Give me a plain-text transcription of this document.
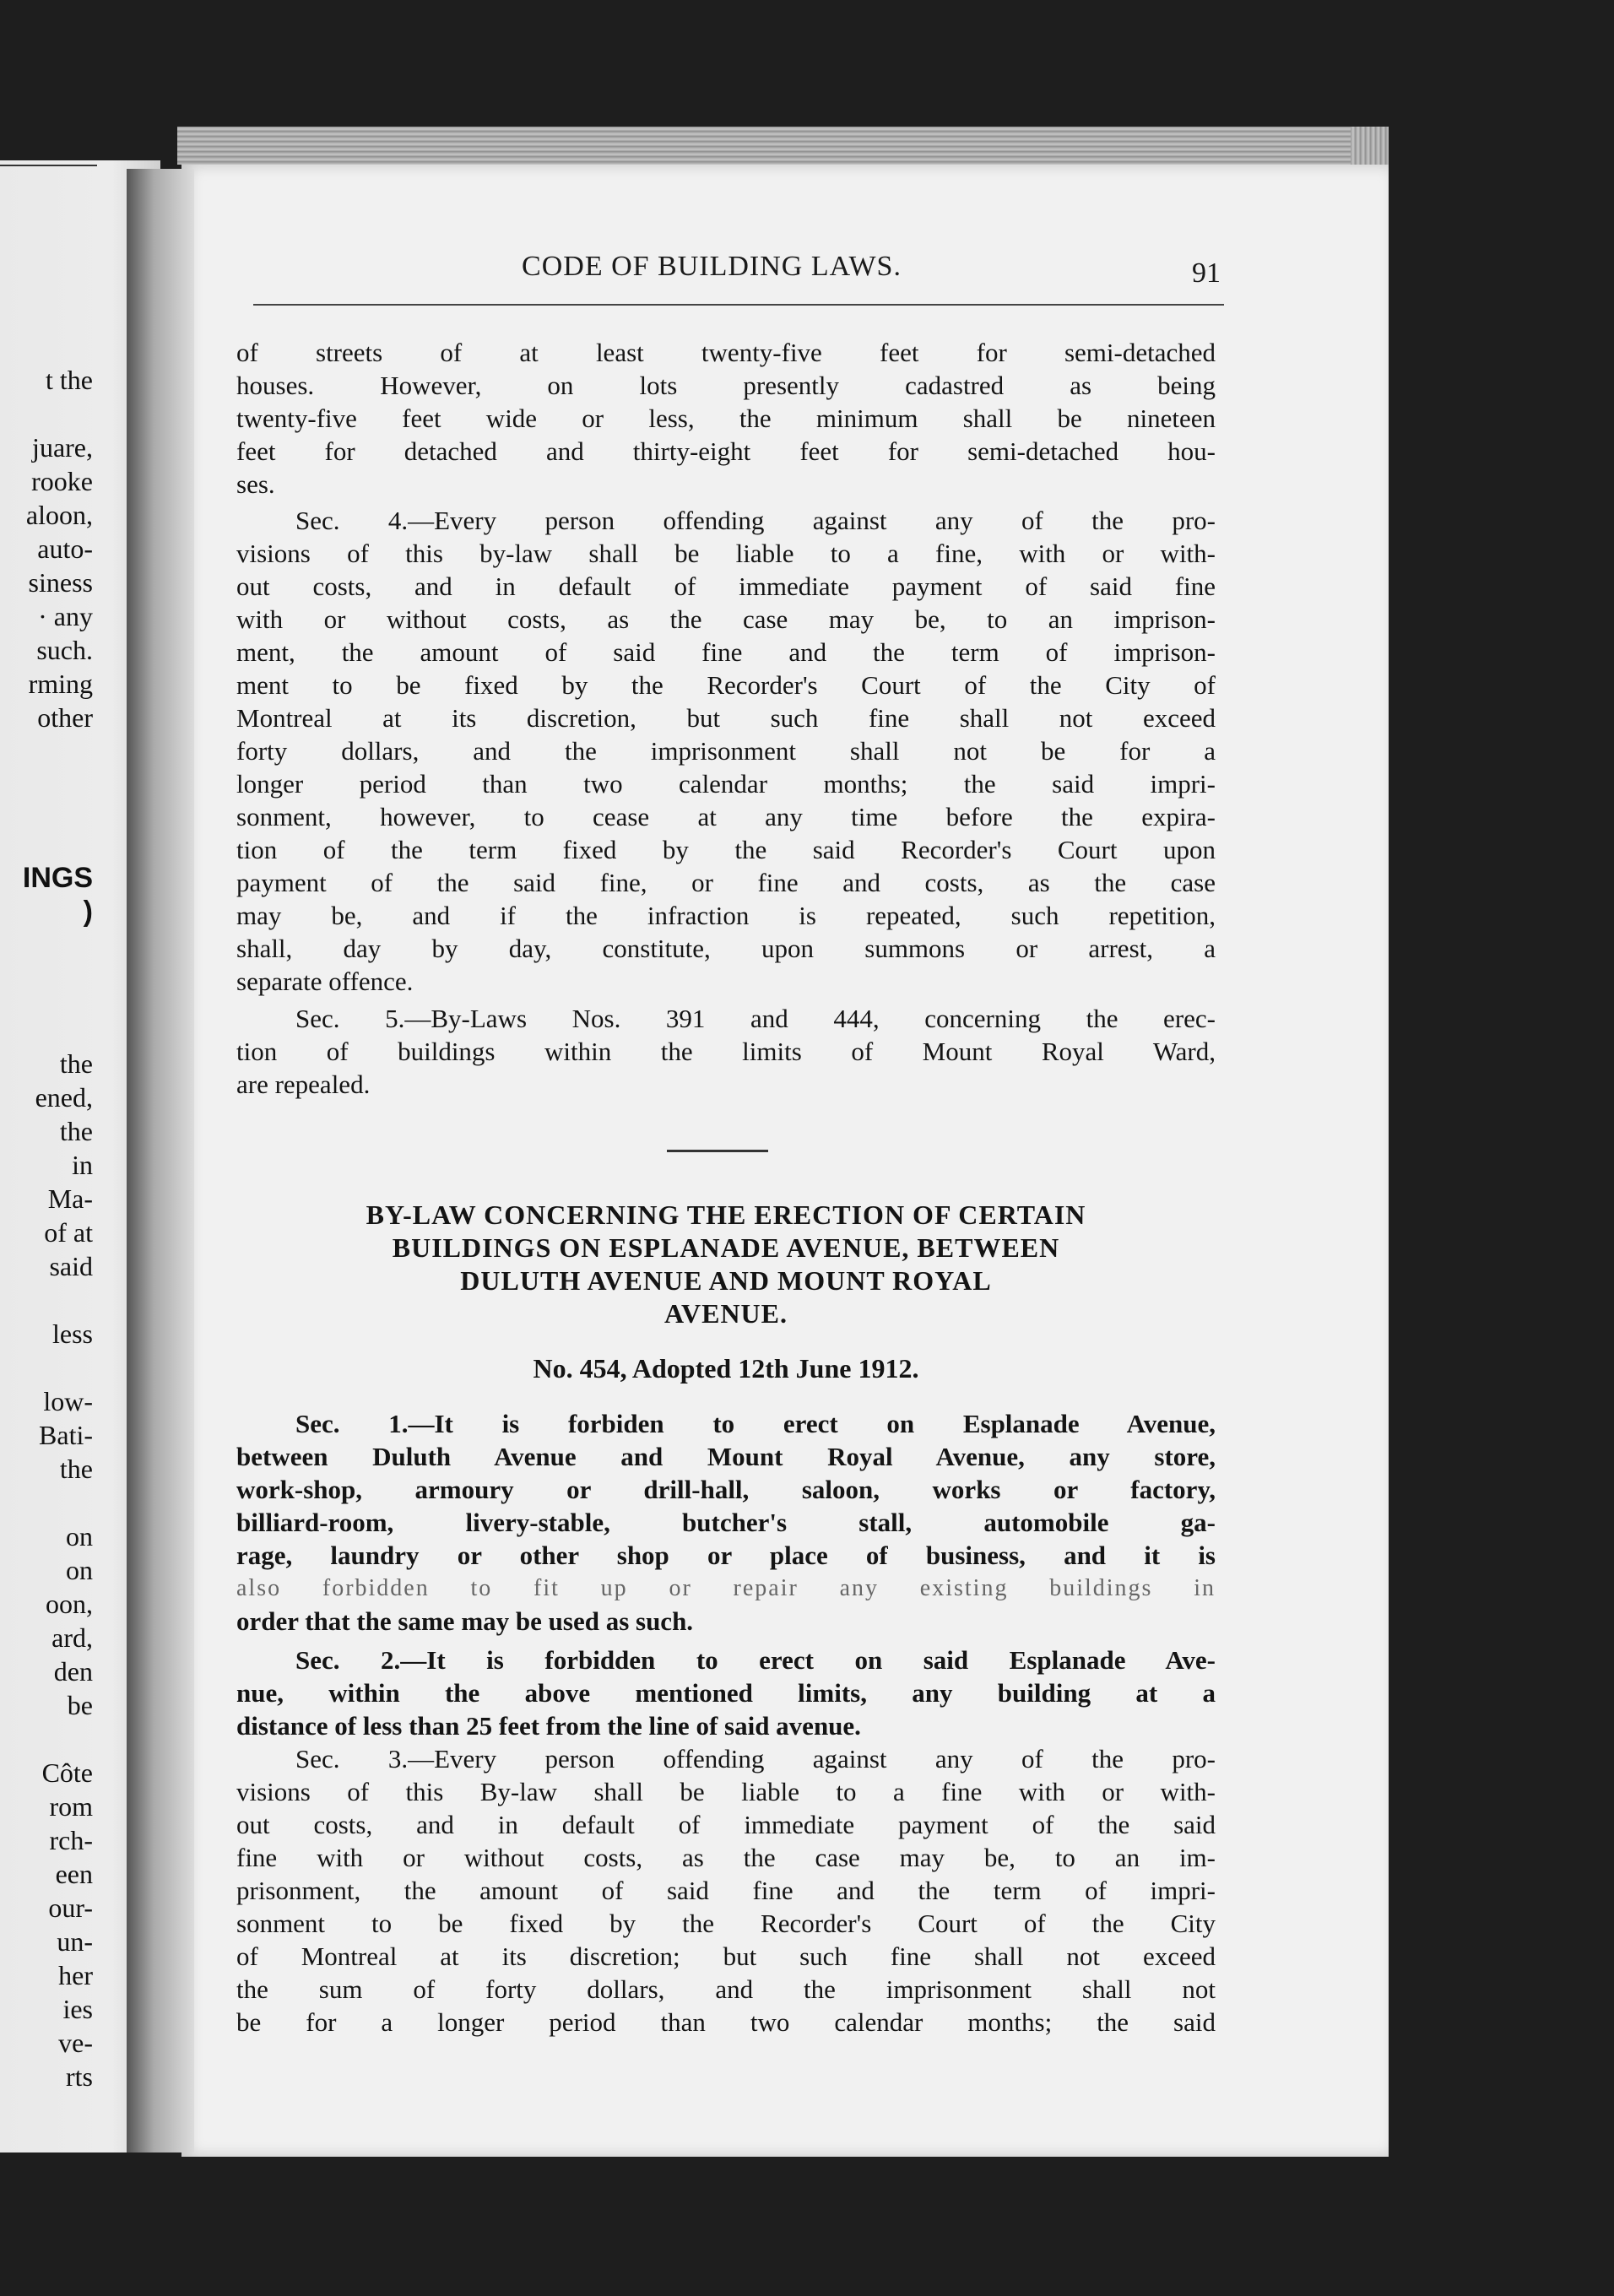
t the
juare,
rooke
aloon,
auto-
siness
· any
such.
rming
other
INGS
)
the
ened,
the
in
Ma-
of at
said
less
low-
Bati-
the
on
on
oon,
ard,
den
be
Côte
rom
rch-
een
our-
un-
her
ies
ve-
rts
CODE OF BUILDING LAWS.	91
of streets of at least twenty-five feet for semi-detached
houses. However, on lots presently cadastred as being
twenty-five feet wide or less, the minimum shall be nineteen
feet for detached and thirty-eight feet for semi-detached hou-
ses.
Sec. 4.—Every person offending against any of the pro-
visions of this by-law shall be liable to a fine, with or with-
out costs, and in default of immediate payment of said fine
with or without costs, as the case may be, to an imprison-
ment, the amount of said fine and the term of imprison-
ment to be fixed by the Recorder's Court of the City of
Montreal at its discretion, but such fine shall not exceed
forty dollars, and the imprisonment shall not be for a
longer period than two calendar months; the said impri-
sonment, however, to cease at any time before the expira-
tion of the term fixed by the said Recorder's Court upon
payment of the said fine, or fine and costs, as the case
may be, and if the infraction is repeated, such repetition,
shall, day by day, constitute, upon summons or arrest, a
separate offence.
Sec. 5.—By-Laws Nos. 391 and 444, concerning the erec-
tion of buildings within the limits of Mount Royal Ward,
are repealed.
BY-LAW CONCERNING THE ERECTION OF CERTAIN
BUILDINGS ON ESPLANADE AVENUE, BETWEEN
DULUTH AVENUE AND MOUNT ROYAL
AVENUE.
No. 454, Adopted 12th June 1912.
Sec. 1.—It is forbiden to erect on Esplanade Avenue,
between Duluth Avenue and Mount Royal Avenue, any store,
work-shop, armoury or drill-hall, saloon, works or factory,
billiard-room, livery-stable, butcher's stall, automobile ga-
rage, laundry or other shop or place of business, and it is
also forbidden to fit up or repair any existing buildings in
order that the same may be used as such.
Sec. 2.—It is forbidden to erect on said Esplanade Ave-
nue, within the above mentioned limits, any building at a
distance of less than 25 feet from the line of said avenue.
Sec. 3.—Every person offending against any of the pro-
visions of this By-law shall be liable to a fine with or with-
out costs, and in default of immediate payment of the said
fine with or without costs, as the case may be, to an im-
prisonment, the amount of said fine and the term of impri-
sonment to be fixed by the Recorder's Court of the City
of Montreal at its discretion; but such fine shall not exceed
the sum of forty dollars, and the imprisonment shall not
be for a longer period than two calendar months; the said
